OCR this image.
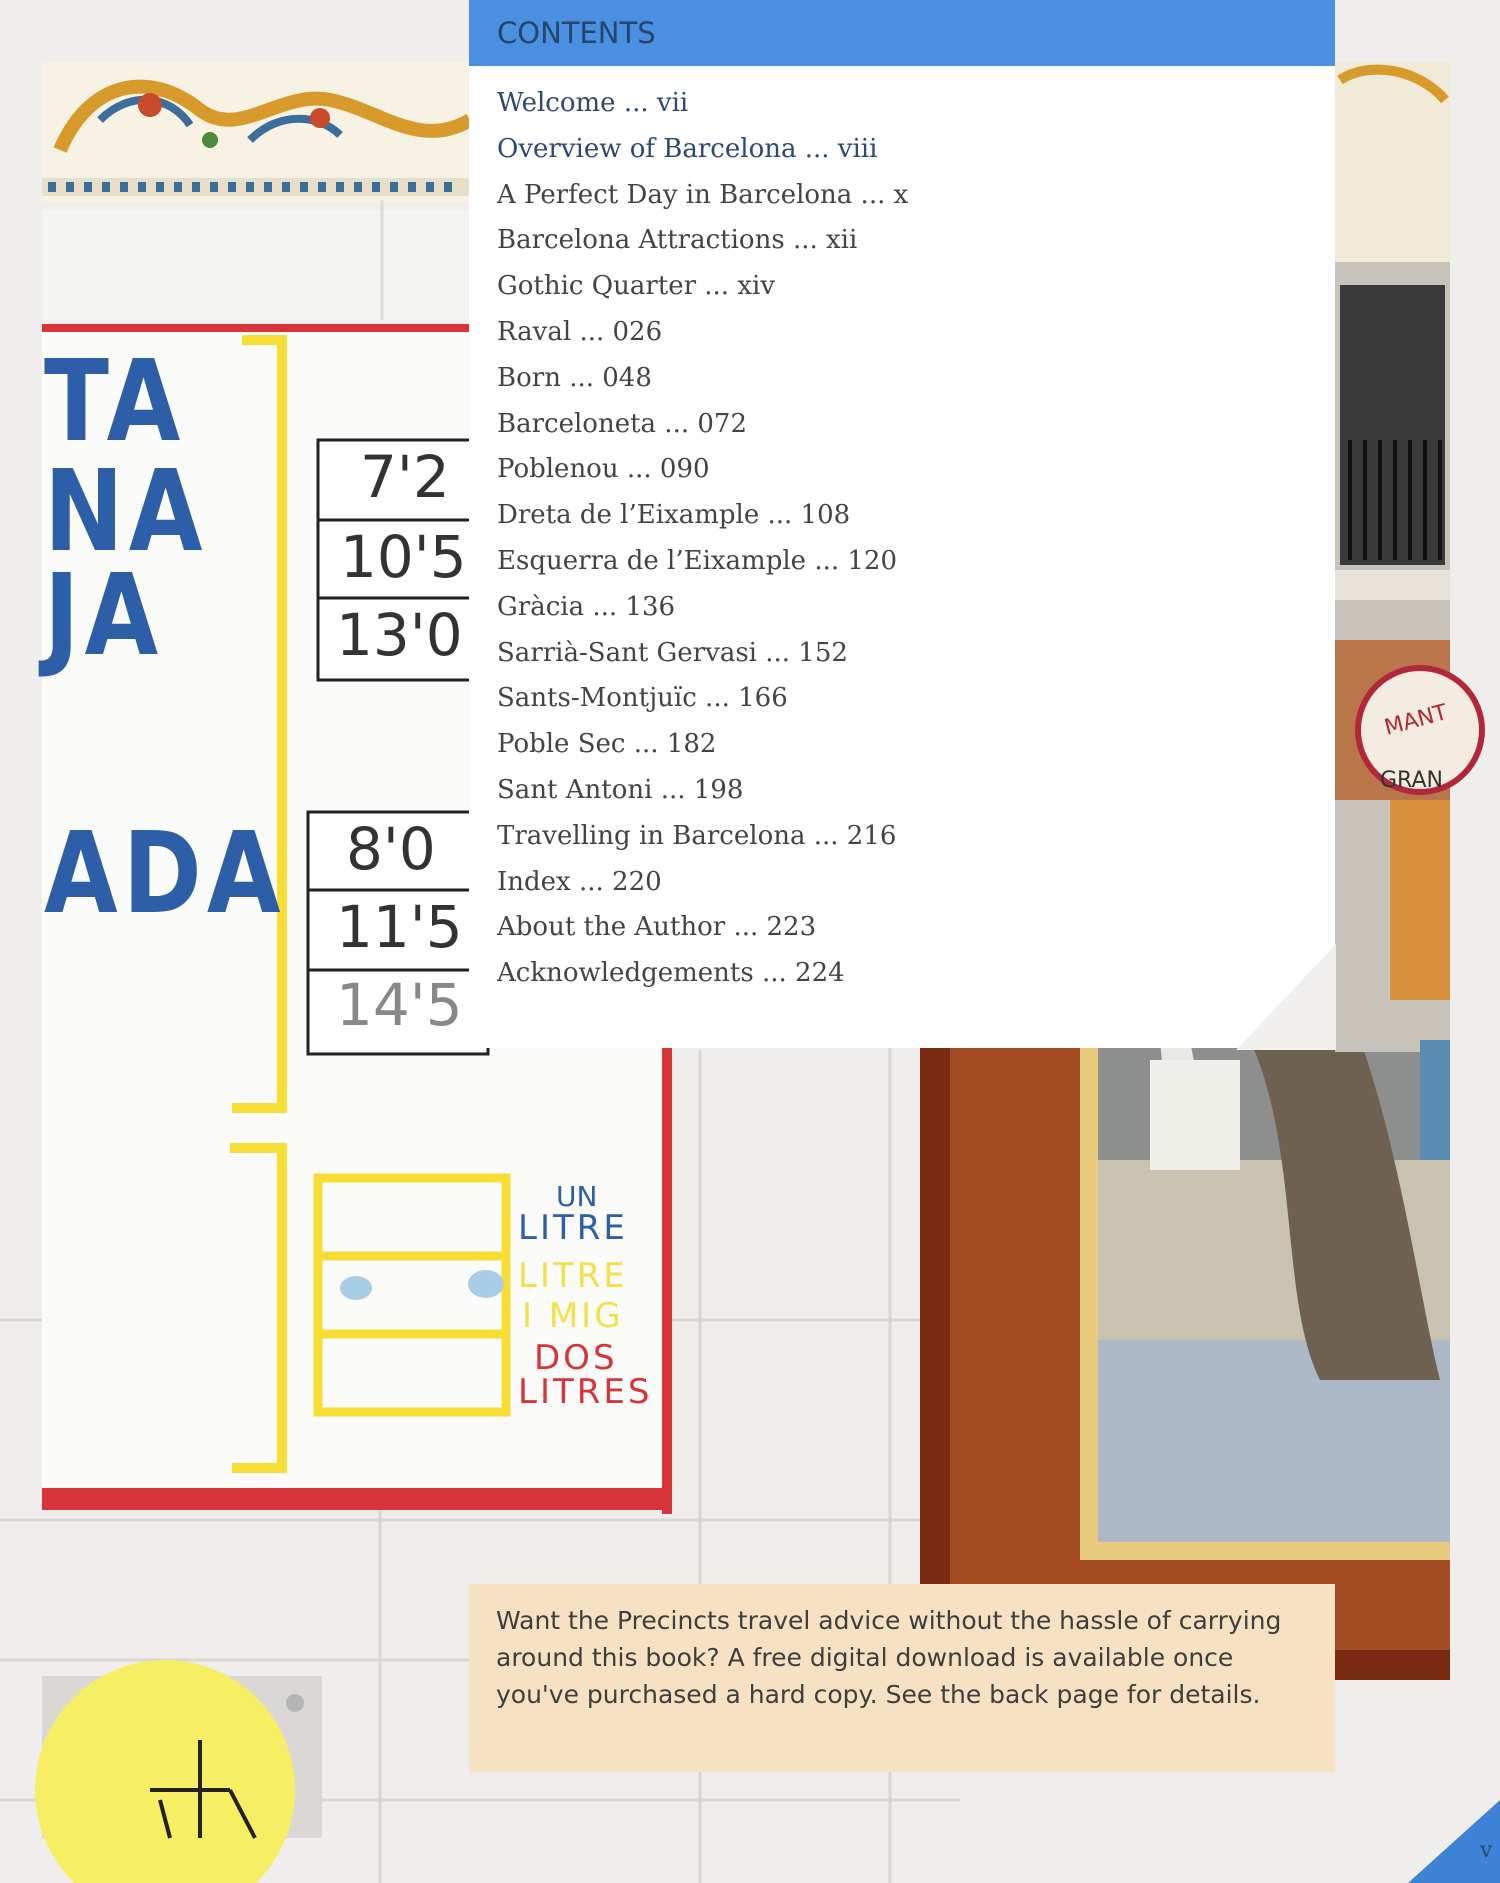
TA
NA
JA
ADA
7'2
10'5
13'0
8'0
11'5
14'5
UN
LITRE
LITRE
I MIG
DOS
LITRES
MANT
GRAN
CONTENTS
Welcome ... vii
Overview of Barcelona ... viii
A Perfect Day in Barcelona ... x
Barcelona Attractions ... xii
Gothic Quarter ... xiv
Raval ... 026
Born ... 048
Barceloneta ... 072
Poblenou ... 090
Dreta de l’Eixample ... 108
Esquerra de l’Eixample ... 120
Gràcia ... 136
Sarrià-Sant Gervasi ... 152
Sants-Montjuïc ... 166
Poble Sec ... 182
Sant Antoni ... 198
Travelling in Barcelona ... 216
Index ... 220
About the Author ... 223
Acknowledgements ... 224

Want the Precincts travel advice without the hassle of carrying around this book? A free digital download is available once you've purchased a hard copy. See the back page for details.

v
